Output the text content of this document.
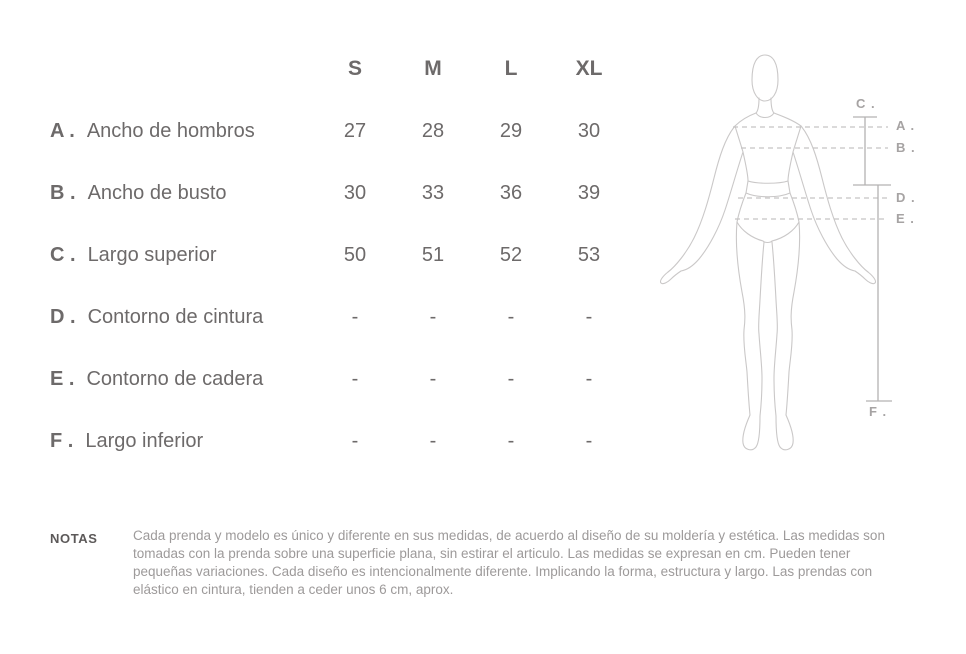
S	M	L	XL
A . Ancho de hombros	27	28	29	30
B . Ancho de busto	30	33	36	39
C . Largo superior	50	51	52	53
D . Contorno de cintura	-	-	-	-
E . Contorno de cadera	-	-	-	-
F . Largo inferior	-	-	-	-
C .
A .
B .
D .
E .
F .
NOTAS	Cada prenda y modelo es único y diferente en sus medidas, de acuerdo al diseño de su moldería y estética. Las medidas son tomadas con la prenda sobre una superficie plana, sin estirar el articulo. Las medidas se expresan en cm. Pueden tener pequeñas variaciones. Cada diseño es intencionalmente diferente. Implicando la forma, estructura y largo. Las prendas con elástico en cintura, tienden a ceder unos 6 cm, aprox.
